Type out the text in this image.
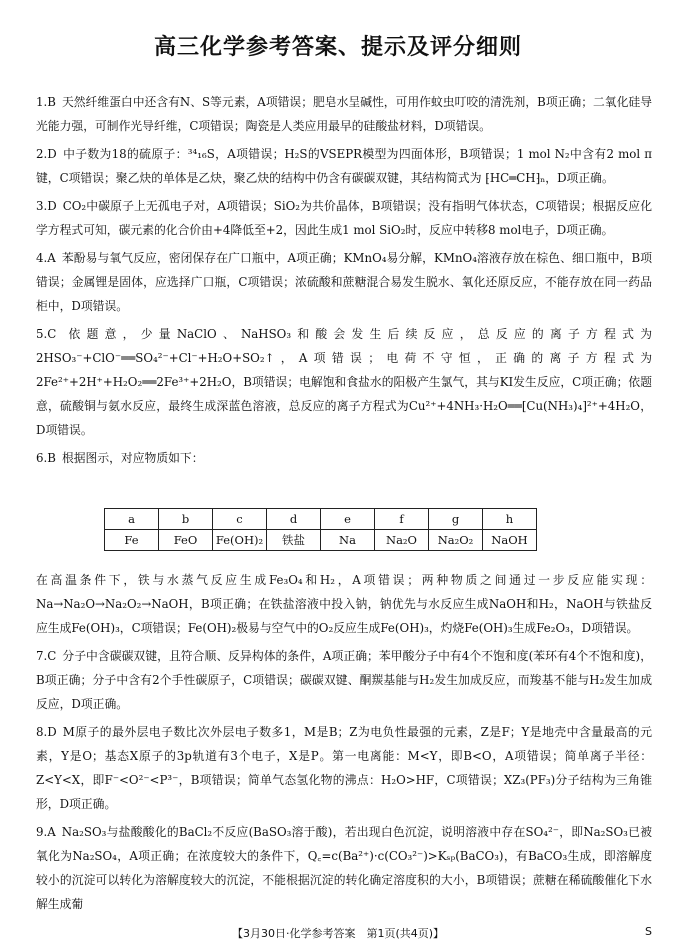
高三化学参考答案、提示及评分细则

1.B 天然纤维蛋白中还含有N、S等元素，A项错误；肥皂水呈碱性，可用作蚊虫叮咬的清洗剂，B项正确；二氧化硅导光能力强，可制作光导纤维，C项错误；陶瓷是人类应用最早的硅酸盐材料，D项错误。

2.D 中子数为18的硫原子：³⁴₁₆S，A项错误；H₂S的VSEPR模型为四面体形，B项错误；1 mol N₂中含有2 mol π键，C项错误；聚乙炔的单体是乙炔，聚乙炔的结构中仍含有碳碳双键，其结构简式为 ⁅HC═CH⁆ₙ，D项正确。

3.D CO₂中碳原子上无孤电子对，A项错误；SiO₂为共价晶体，B项错误；没有指明气体状态，C项错误；根据反应化学方程式可知，碳元素的化合价由+4降低至+2，因此生成1 mol SiO₂时，反应中转移8 mol电子，D项正确。

4.A 苯酚易与氧气反应，密闭保存在广口瓶中，A项正确；KMnO₄易分解，KMnO₄溶液存放在棕色、细口瓶中，B项错误；金属锂是固体，应选择广口瓶，C项错误；浓硫酸和蔗糖混合易发生脱水、氧化还原反应，不能存放在同一药品柜中，D项错误。

5.C 依题意，少量NaClO、NaHSO₃和酸会发生后续反应，总反应的离子方程式为2HSO₃⁻+ClO⁻══SO₄²⁻+Cl⁻+H₂O+SO₂↑，A项错误；电荷不守恒，正确的离子方程式为2Fe²⁺+2H⁺+H₂O₂══2Fe³⁺+2H₂O，B项错误；电解饱和食盐水的阳极产生氯气，其与KI发生反应，C项正确；依题意，硫酸铜与氨水反应，最终生成深蓝色溶液，总反应的离子方程式为Cu²⁺+4NH₃·H₂O══[Cu(NH₃)₄]²⁺+4H₂O，D项错误。

6.B 根据图示，对应物质如下：

a	b	c	d	e	f	g	h
Fe	FeO	Fe(OH)₂	铁盐	Na	Na₂O	Na₂O₂	NaOH

在高温条件下，铁与水蒸气反应生成Fe₃O₄和H₂，A项错误；两种物质之间通过一步反应能实现：Na→Na₂O→Na₂O₂→NaOH，B项正确；在铁盐溶液中投入钠，钠优先与水反应生成NaOH和H₂，NaOH与铁盐反应生成Fe(OH)₃，C项错误；Fe(OH)₂极易与空气中的O₂反应生成Fe(OH)₃，灼烧Fe(OH)₃生成Fe₂O₃，D项错误。

7.C 分子中含碳碳双键，且符合顺、反异构体的条件，A项正确；苯甲酸分子中有4个不饱和度(苯环有4个不饱和度)，B项正确；分子中含有2个手性碳原子，C项错误；碳碳双键、酮羰基能与H₂发生加成反应，而羧基不能与H₂发生加成反应，D项正确。

8.D M原子的最外层电子数比次外层电子数多1，M是B；Z为电负性最强的元素，Z是F；Y是地壳中含量最高的元素，Y是O；基态X原子的3p轨道有3个电子，X是P。第一电离能：M<Y，即B<O，A项错误；简单离子半径：Z<Y<X，即F⁻<O²⁻<P³⁻，B项错误；简单气态氢化物的沸点：H₂O>HF，C项错误；XZ₃(PF₃)分子结构为三角锥形，D项正确。

9.A Na₂SO₃与盐酸酸化的BaCl₂不反应(BaSO₃溶于酸)，若出现白色沉淀，说明溶液中存在SO₄²⁻，即Na₂SO₃已被氧化为Na₂SO₄，A项正确；在浓度较大的条件下，Q꜀=c(Ba²⁺)·c(CO₃²⁻)>Kₛₚ(BaCO₃)，有BaCO₃生成，即溶解度较小的沉淀可以转化为溶解度较大的沉淀，不能根据沉淀的转化确定溶度积的大小，B项错误；蔗糖在稀硫酸催化下水解生成葡

【3月30日·化学参考答案　第1页(共4页)】	S
